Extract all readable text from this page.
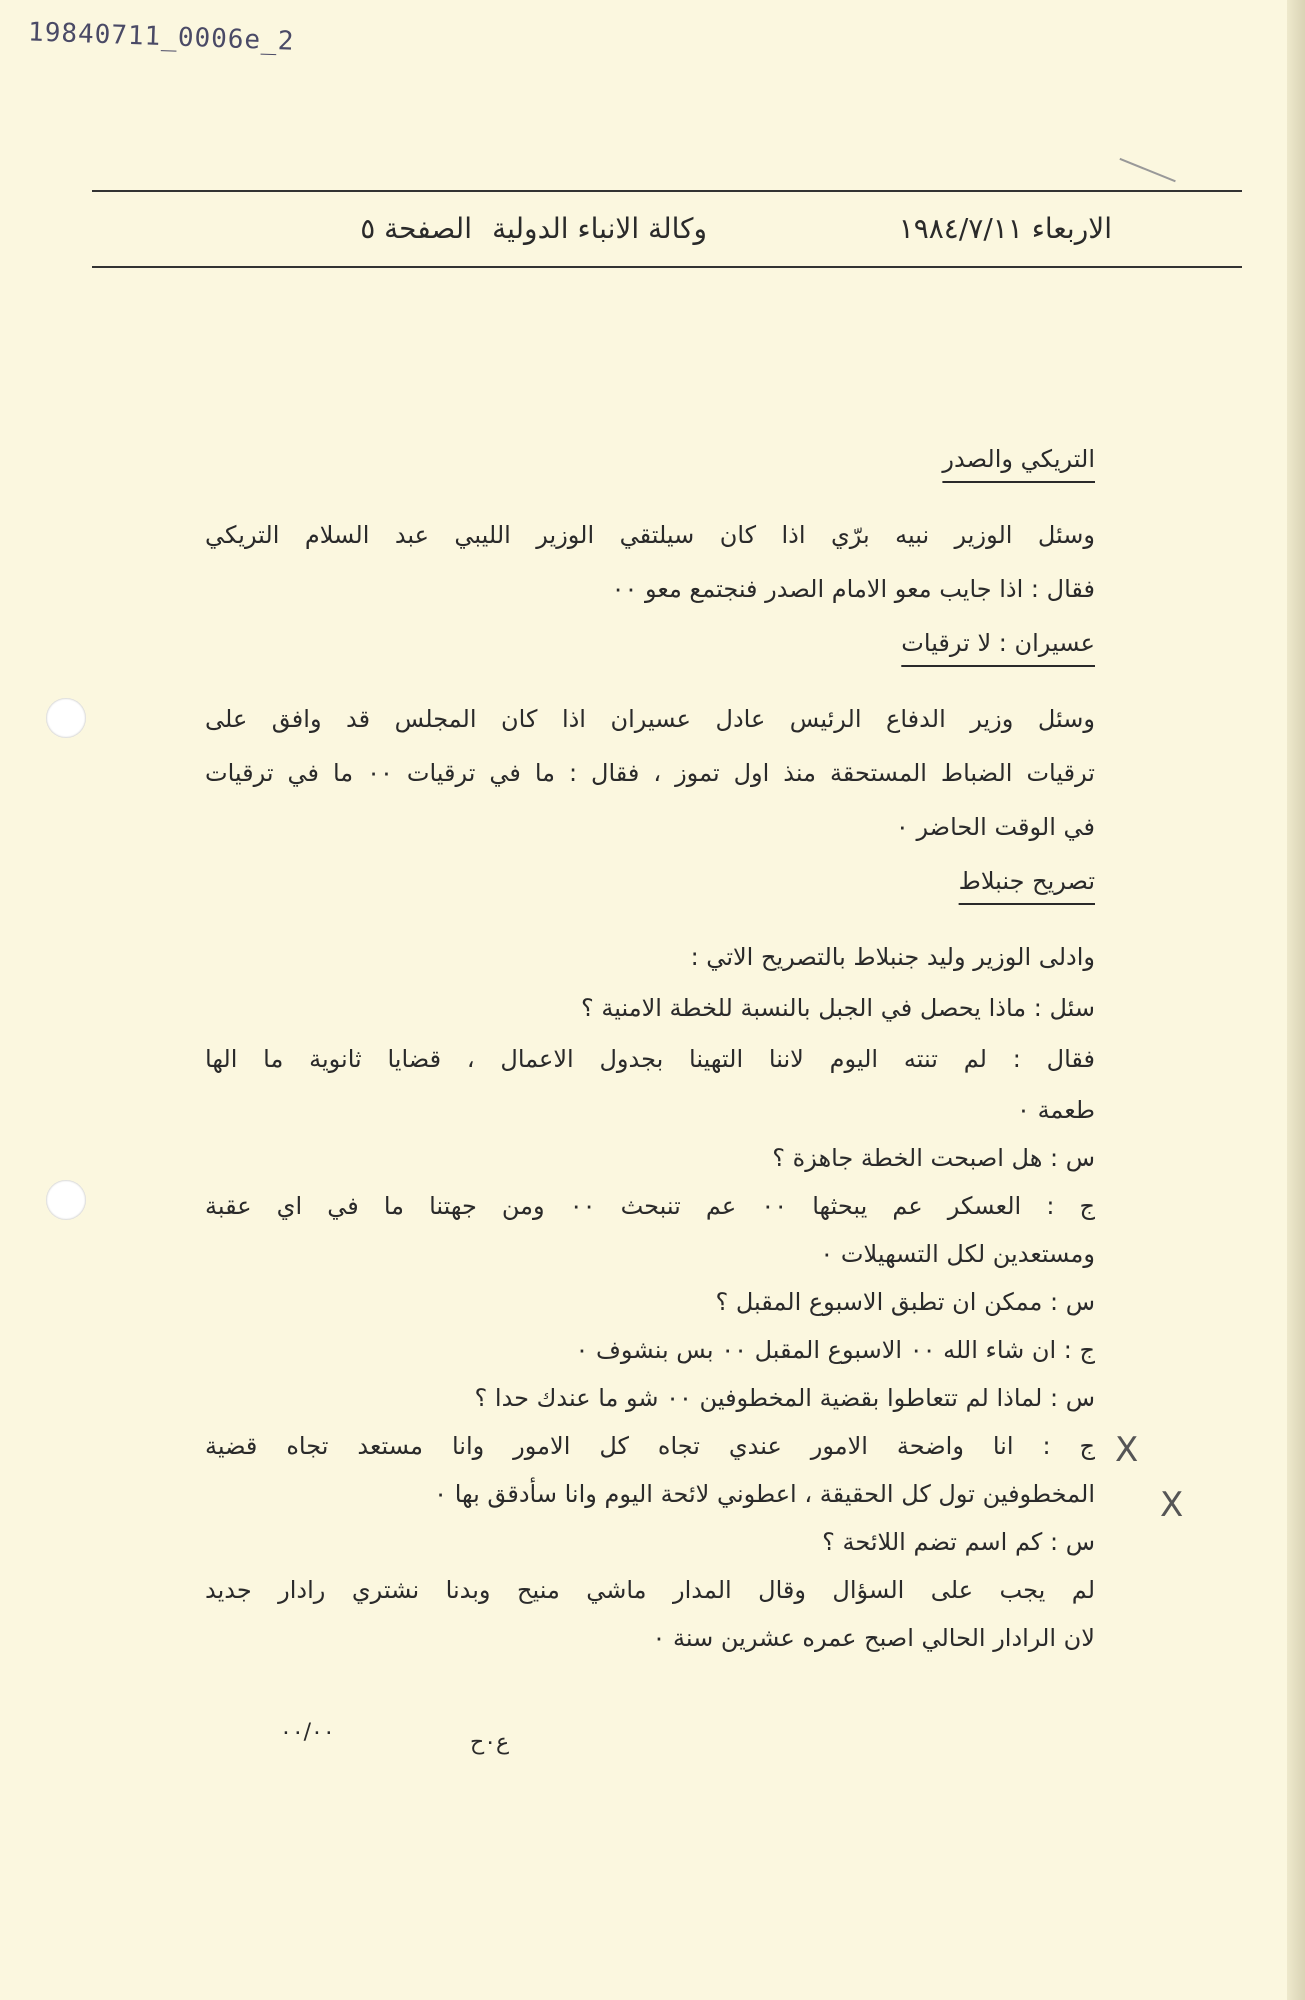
19840711_0006e_2
الاربعاء ١٩٨٤/٧/١١
وكالة الانباء الدولية
الصفحة ٥
التريكي والصدر
وسئل الوزير نبيه برّي اذا كان سيلتقي الوزير الليبي عبد السلام التريكي
فقال : اذا جايب معو الامام الصدر فنجتمع معو ٠٠
عسيران : لا ترقيات
وسئل وزير الدفاع الرئيس عادل عسيران اذا كان المجلس قد وافق على
ترقيات الضباط المستحقة منذ اول تموز ، فقال : ما في ترقيات ٠٠ ما في ترقيات
في الوقت الحاضر ٠
تصريح جنبلاط
وادلى الوزير وليد جنبلاط بالتصريح الاتي :
سئل : ماذا يحصل في الجبل بالنسبة للخطة الامنية ؟
فقال : لم تنته اليوم لاننا التهينا بجدول الاعمال ، قضايا ثانوية ما الها
طعمة ٠
س : هل اصبحت الخطة جاهزة ؟
ج : العسكر عم يبحثها ٠٠ عم تنبحث ٠٠ ومن جهتنا ما في اي عقبة
ومستعدين لكل التسهيلات ٠
س : ممكن ان تطبق الاسبوع المقبل ؟
ج : ان شاء الله ٠٠ الاسبوع المقبل ٠٠ بس بنشوف ٠
س : لماذا لم تتعاطوا بقضية المخطوفين ٠٠ شو ما عندك حدا ؟
ج : انا واضحة الامور عندي تجاه كل الامور وانا مستعد تجاه قضية
المخطوفين تول كل الحقيقة ، اعطوني لائحة اليوم وانا سأدقق بها ٠
س : كم اسم تضم اللائحة ؟
لم يجب على السؤال وقال المدار ماشي منيح وبدنا نشتري رادار جديد
لان الرادار الحالي اصبح عمره عشرين سنة ٠
٠٠/٠٠	ع٠ح
X
X
